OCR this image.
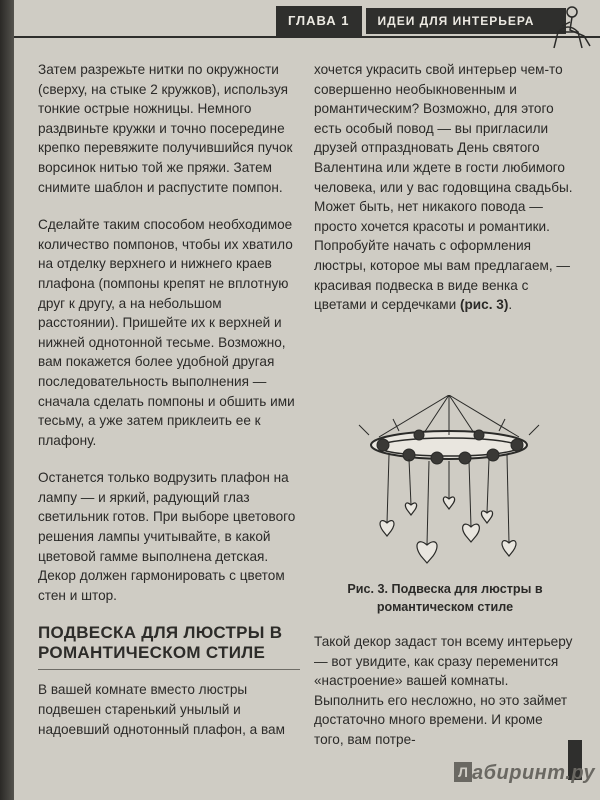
ГЛАВА 1	ИДЕИ ДЛЯ ИНТЕРЬЕРА

Затем разрежьте нитки по окружности (сверху, на стыке 2 кружков), используя тонкие острые ножницы. Немного раздвиньте кружки и точно посередине крепко перевяжите получившийся пучок ворсинок нитью той же пряжи. Затем снимите шаблон и распустите помпон.

Сделайте таким способом необходимое количество помпонов, чтобы их хватило на отделку верхнего и нижнего краев плафона (помпоны крепят не вплотную друг к другу, а на небольшом расстоянии). Пришейте их к верхней и нижней однотонной тесьме. Возможно, вам покажется более удобной другая последовательность выполнения — сначала сделать помпоны и обшить ими тесьму, а уже затем приклеить ее к плафону.

Останется только водрузить плафон на лампу — и яркий, радующий глаз светильник готов. При выборе цветового решения лампы учитывайте, в какой цветовой гамме выполнена детская. Декор должен гармонировать с цветом стен и штор.

ПОДВЕСКА ДЛЯ ЛЮСТРЫ В РОМАНТИЧЕСКОМ СТИЛЕ

В вашей комнате вместо люстры подвешен старенький унылый и надоевший однотонный плафон, а вам

хочется украсить свой интерьер чем-то совершенно необыкновенным и романтическим? Возможно, для этого есть особый повод — вы пригласили друзей отпраздновать День святого Валентина или ждете в гости любимого человека, или у вас годовщина свадьбы. Может быть, нет никакого повода — просто хочется красоты и романтики. Попробуйте начать с оформления люстры, которое мы вам предлагаем, — красивая подвеска в виде венка с цветами и сердечками (рис. 3).

Рис. 3. Подвеска для люстры в романтическом стиле
Такой декор задаст тон всему интерьеру — вот увидите, как сразу переменится «настроение» вашей комнаты. Выполнить его несложно, но это займет достаточно много времени. И кроме того, вам потре-
Л абиринт.ру
